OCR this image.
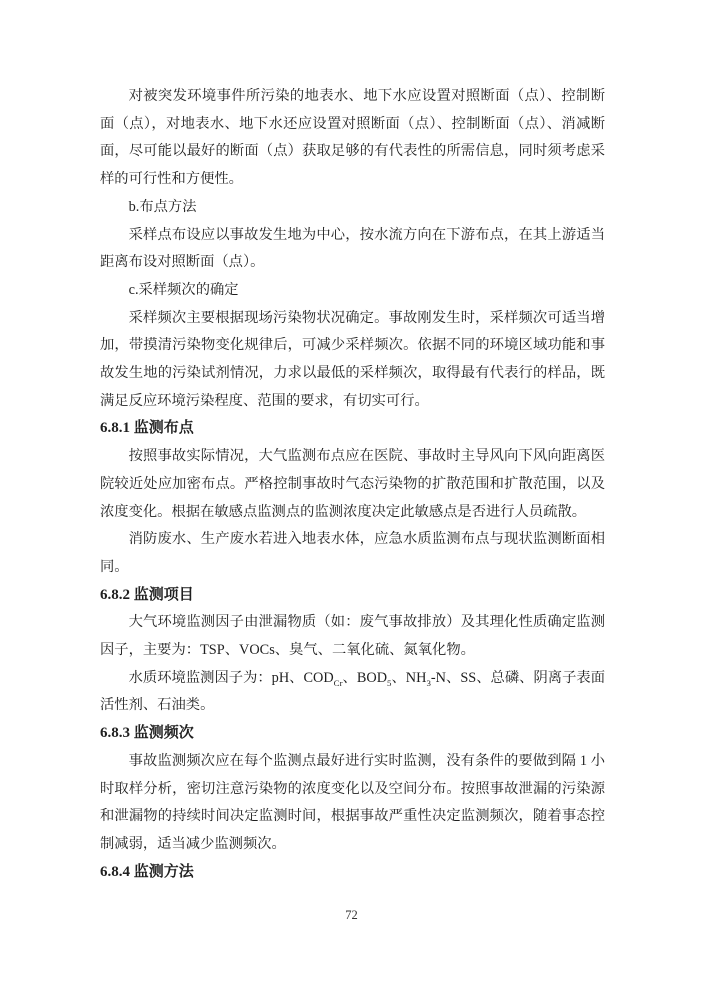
对被突发环境事件所污染的地表水、地下水应设置对照断面（点）、控制断面（点），对地表水、地下水还应设置对照断面（点）、控制断面（点）、消减断面，尽可能以最好的断面（点）获取足够的有代表性的所需信息，同时须考虑采样的可行性和方便性。

b.布点方法

采样点布设应以事故发生地为中心，按水流方向在下游布点，在其上游适当距离布设对照断面（点）。

c.采样频次的确定

采样频次主要根据现场污染物状况确定。事故刚发生时，采样频次可适当增加，带摸清污染物变化规律后，可减少采样频次。依据不同的环境区域功能和事故发生地的污染试剂情况，力求以最低的采样频次，取得最有代表行的样品，既满足反应环境污染程度、范围的要求，有切实可行。

6.8.1 监测布点

按照事故实际情况，大气监测布点应在医院、事故时主导风向下风向距离医院较近处应加密布点。严格控制事故时气态污染物的扩散范围和扩散范围，以及浓度变化。根据在敏感点监测点的监测浓度决定此敏感点是否进行人员疏散。

消防废水、生产废水若进入地表水体，应急水质监测布点与现状监测断面相同。

6.8.2 监测项目

大气环境监测因子由泄漏物质（如：废气事故排放）及其理化性质确定监测因子，主要为：TSP、VOCs、臭气、二氧化硫、氮氧化物。

水质环境监测因子为：pH、$COD_{Cr}$、$BOD_5$、$NH_3-N$、SS、总磷、阴离子表面活性剂、石油类。

6.8.3 监测频次

事故监测频次应在每个监测点最好进行实时监测，没有条件的要做到隔 1 小时取样分析，密切注意污染物的浓度变化以及空间分布。按照事故泄漏的污染源和泄漏物的持续时间决定监测时间，根据事故严重性决定监测频次，随着事态控制减弱，适当减少监测频次。

6.8.4 监测方法

72
